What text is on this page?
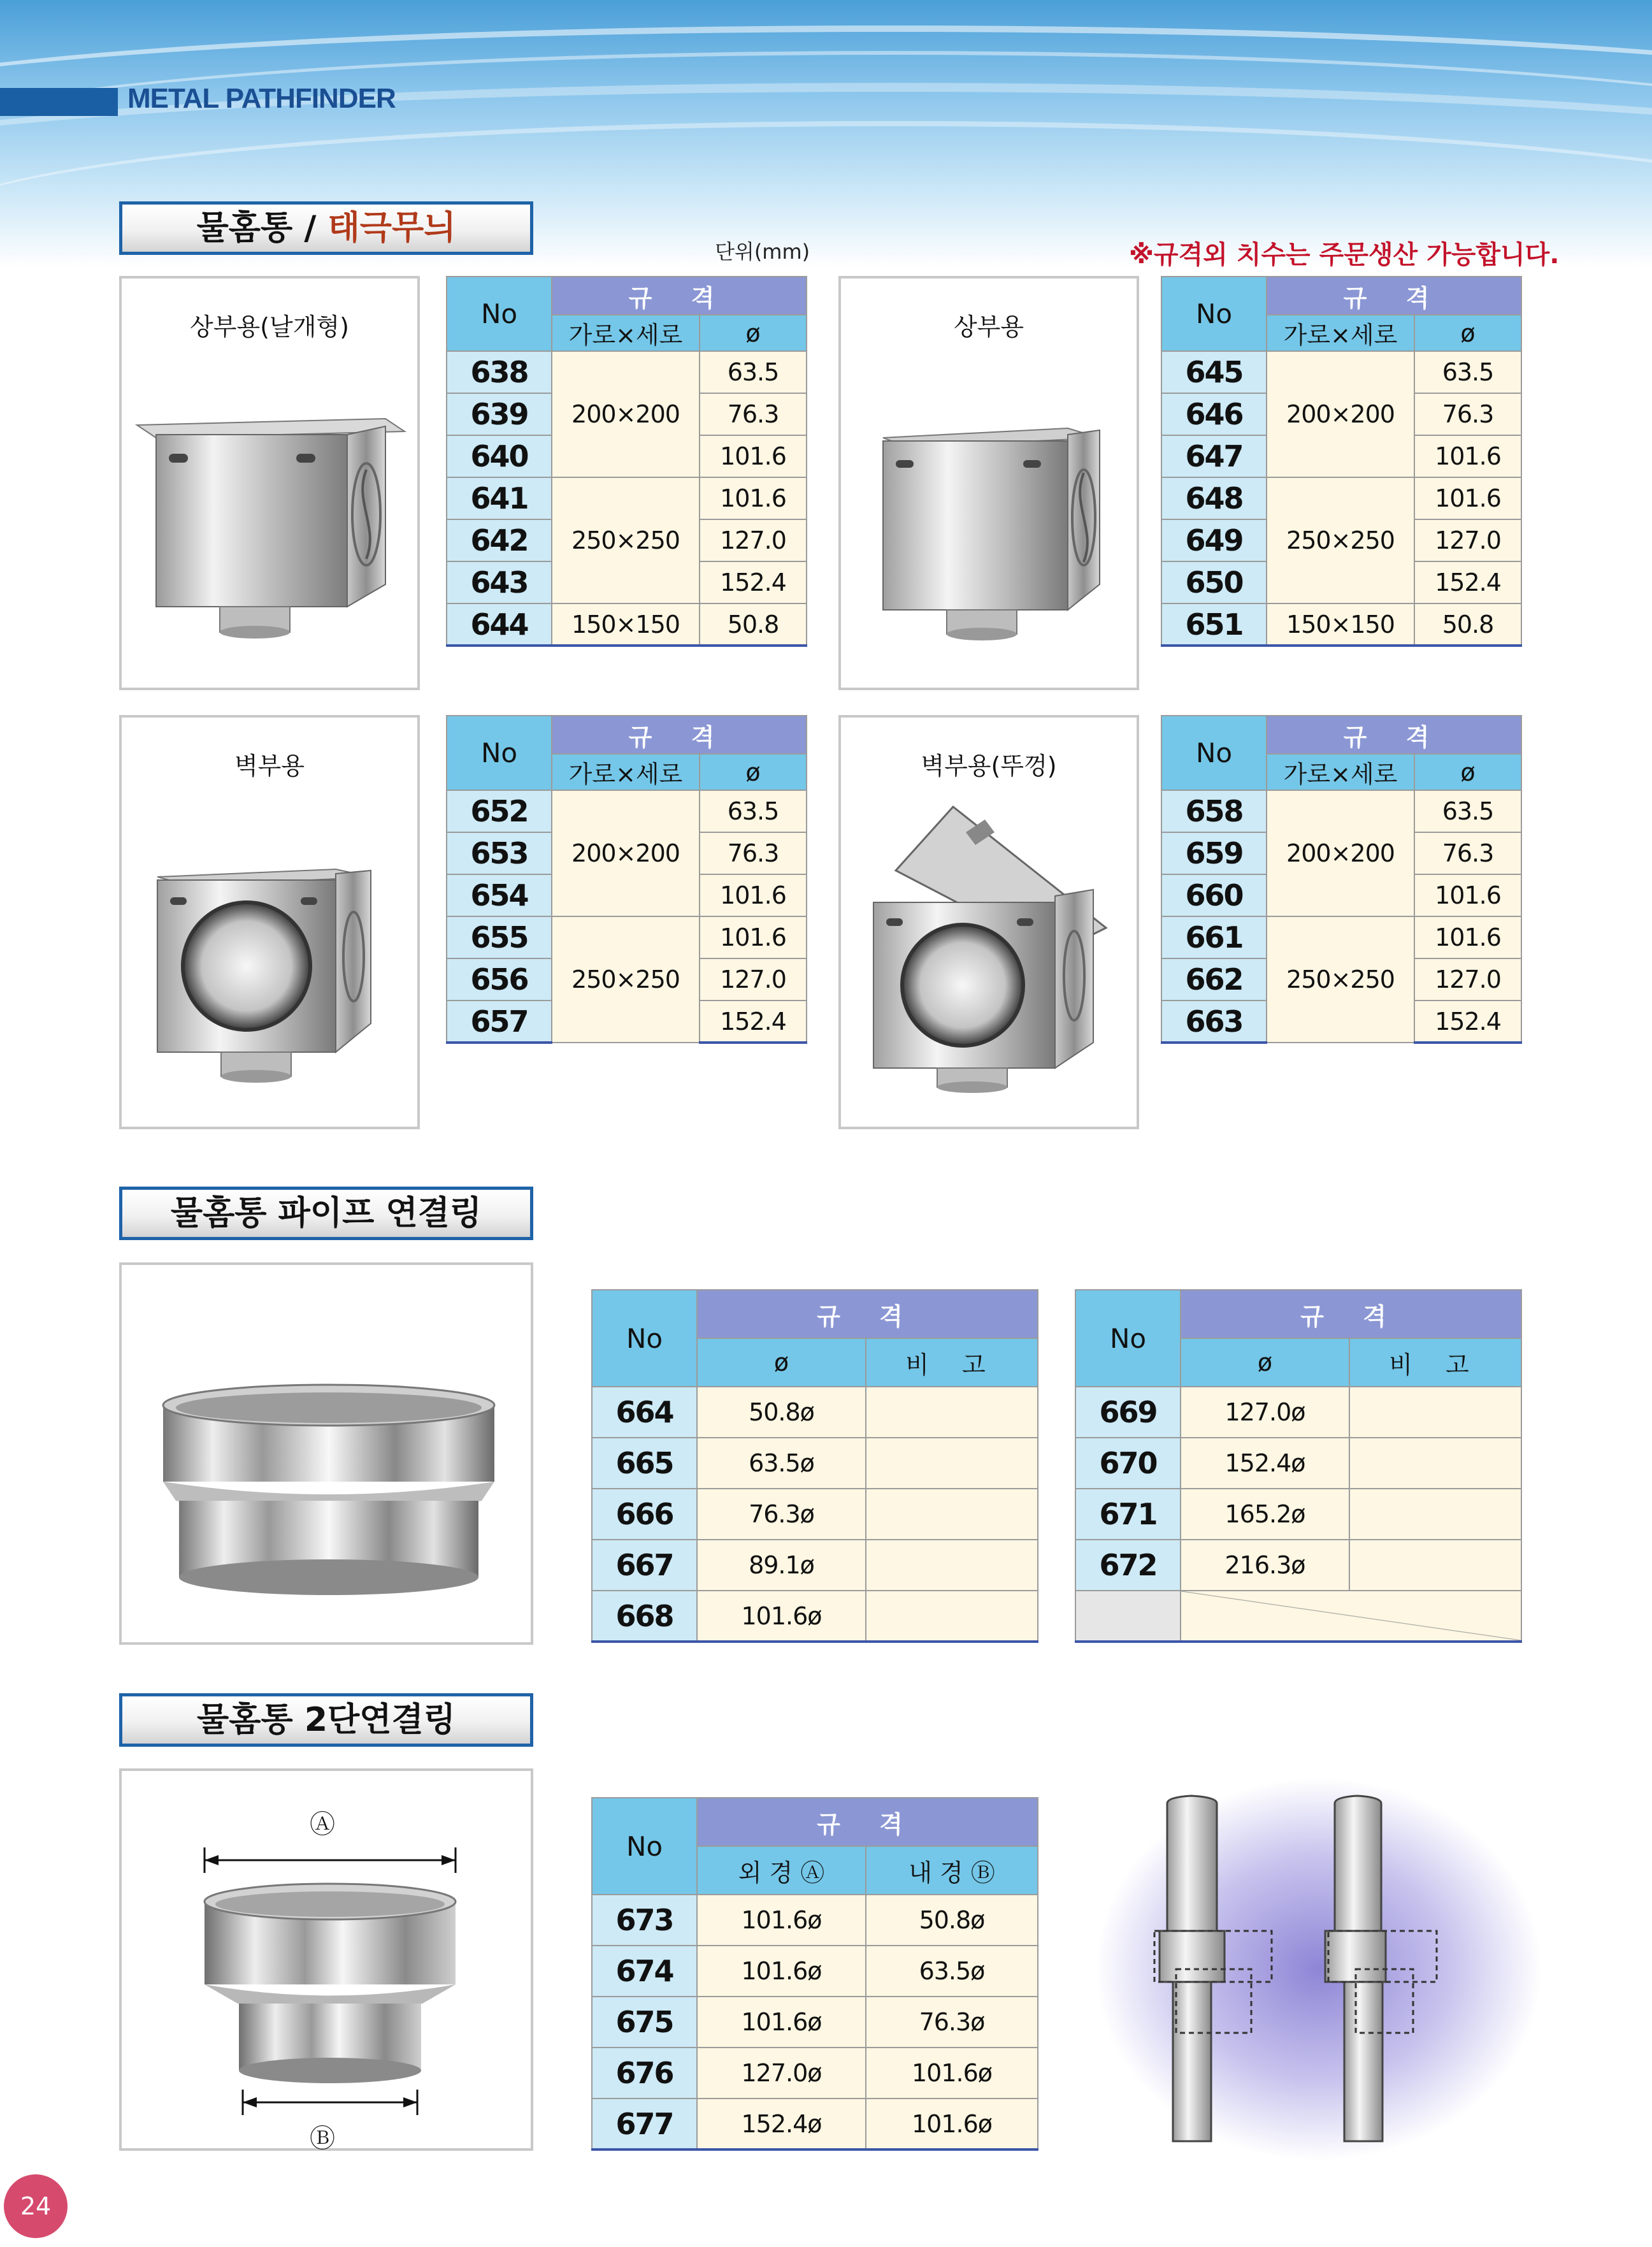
METAL PATHFINDER
물홈통 / 태극무늬
단위(mm)	※규격외 치수는 주문생산 가능합니다.
상부용(날개형)	No	규 격	
	가로×세로	ø
638	200×200	63.5
639		76.3
640		101.6
641	250×250	101.6
642		127.0
643		152.4
644	150×150	50.8
상부용	No	규 격	
	가로×세로	ø
645	200×200	63.5
646		76.3
647		101.6
648	250×250	101.6
649		127.0
650		152.4
651	150×150	50.8
벽부용	No	규 격	
	가로×세로	ø
652	200×200	63.5
653		76.3
654		101.6
655	250×250	101.6
656		127.0
657		152.4
벽부용(뚜껑)	No	규 격	
	가로×세로	ø
658	200×200	63.5
659		76.3
660		101.6
661	250×250	101.6
662		127.0
663		152.4
물홈통 파이프 연결링
No	규 격	
	ø	비 고
664	50.8ø	
665	63.5ø	
666	76.3ø	
667	89.1ø	
668	101.6ø	
No	규 격	
	ø	비 고
669	127.0ø	
670	152.4ø	
671	165.2ø	
672	216.3ø	

물홈통 2단연결링
Ⓐ
Ⓑ
No	규 격	
	외 경 Ⓐ	내 경 Ⓑ
673	101.6ø	50.8ø
674	101.6ø	63.5ø
675	101.6ø	76.3ø
676	127.0ø	101.6ø
677	152.4ø	101.6ø
24
